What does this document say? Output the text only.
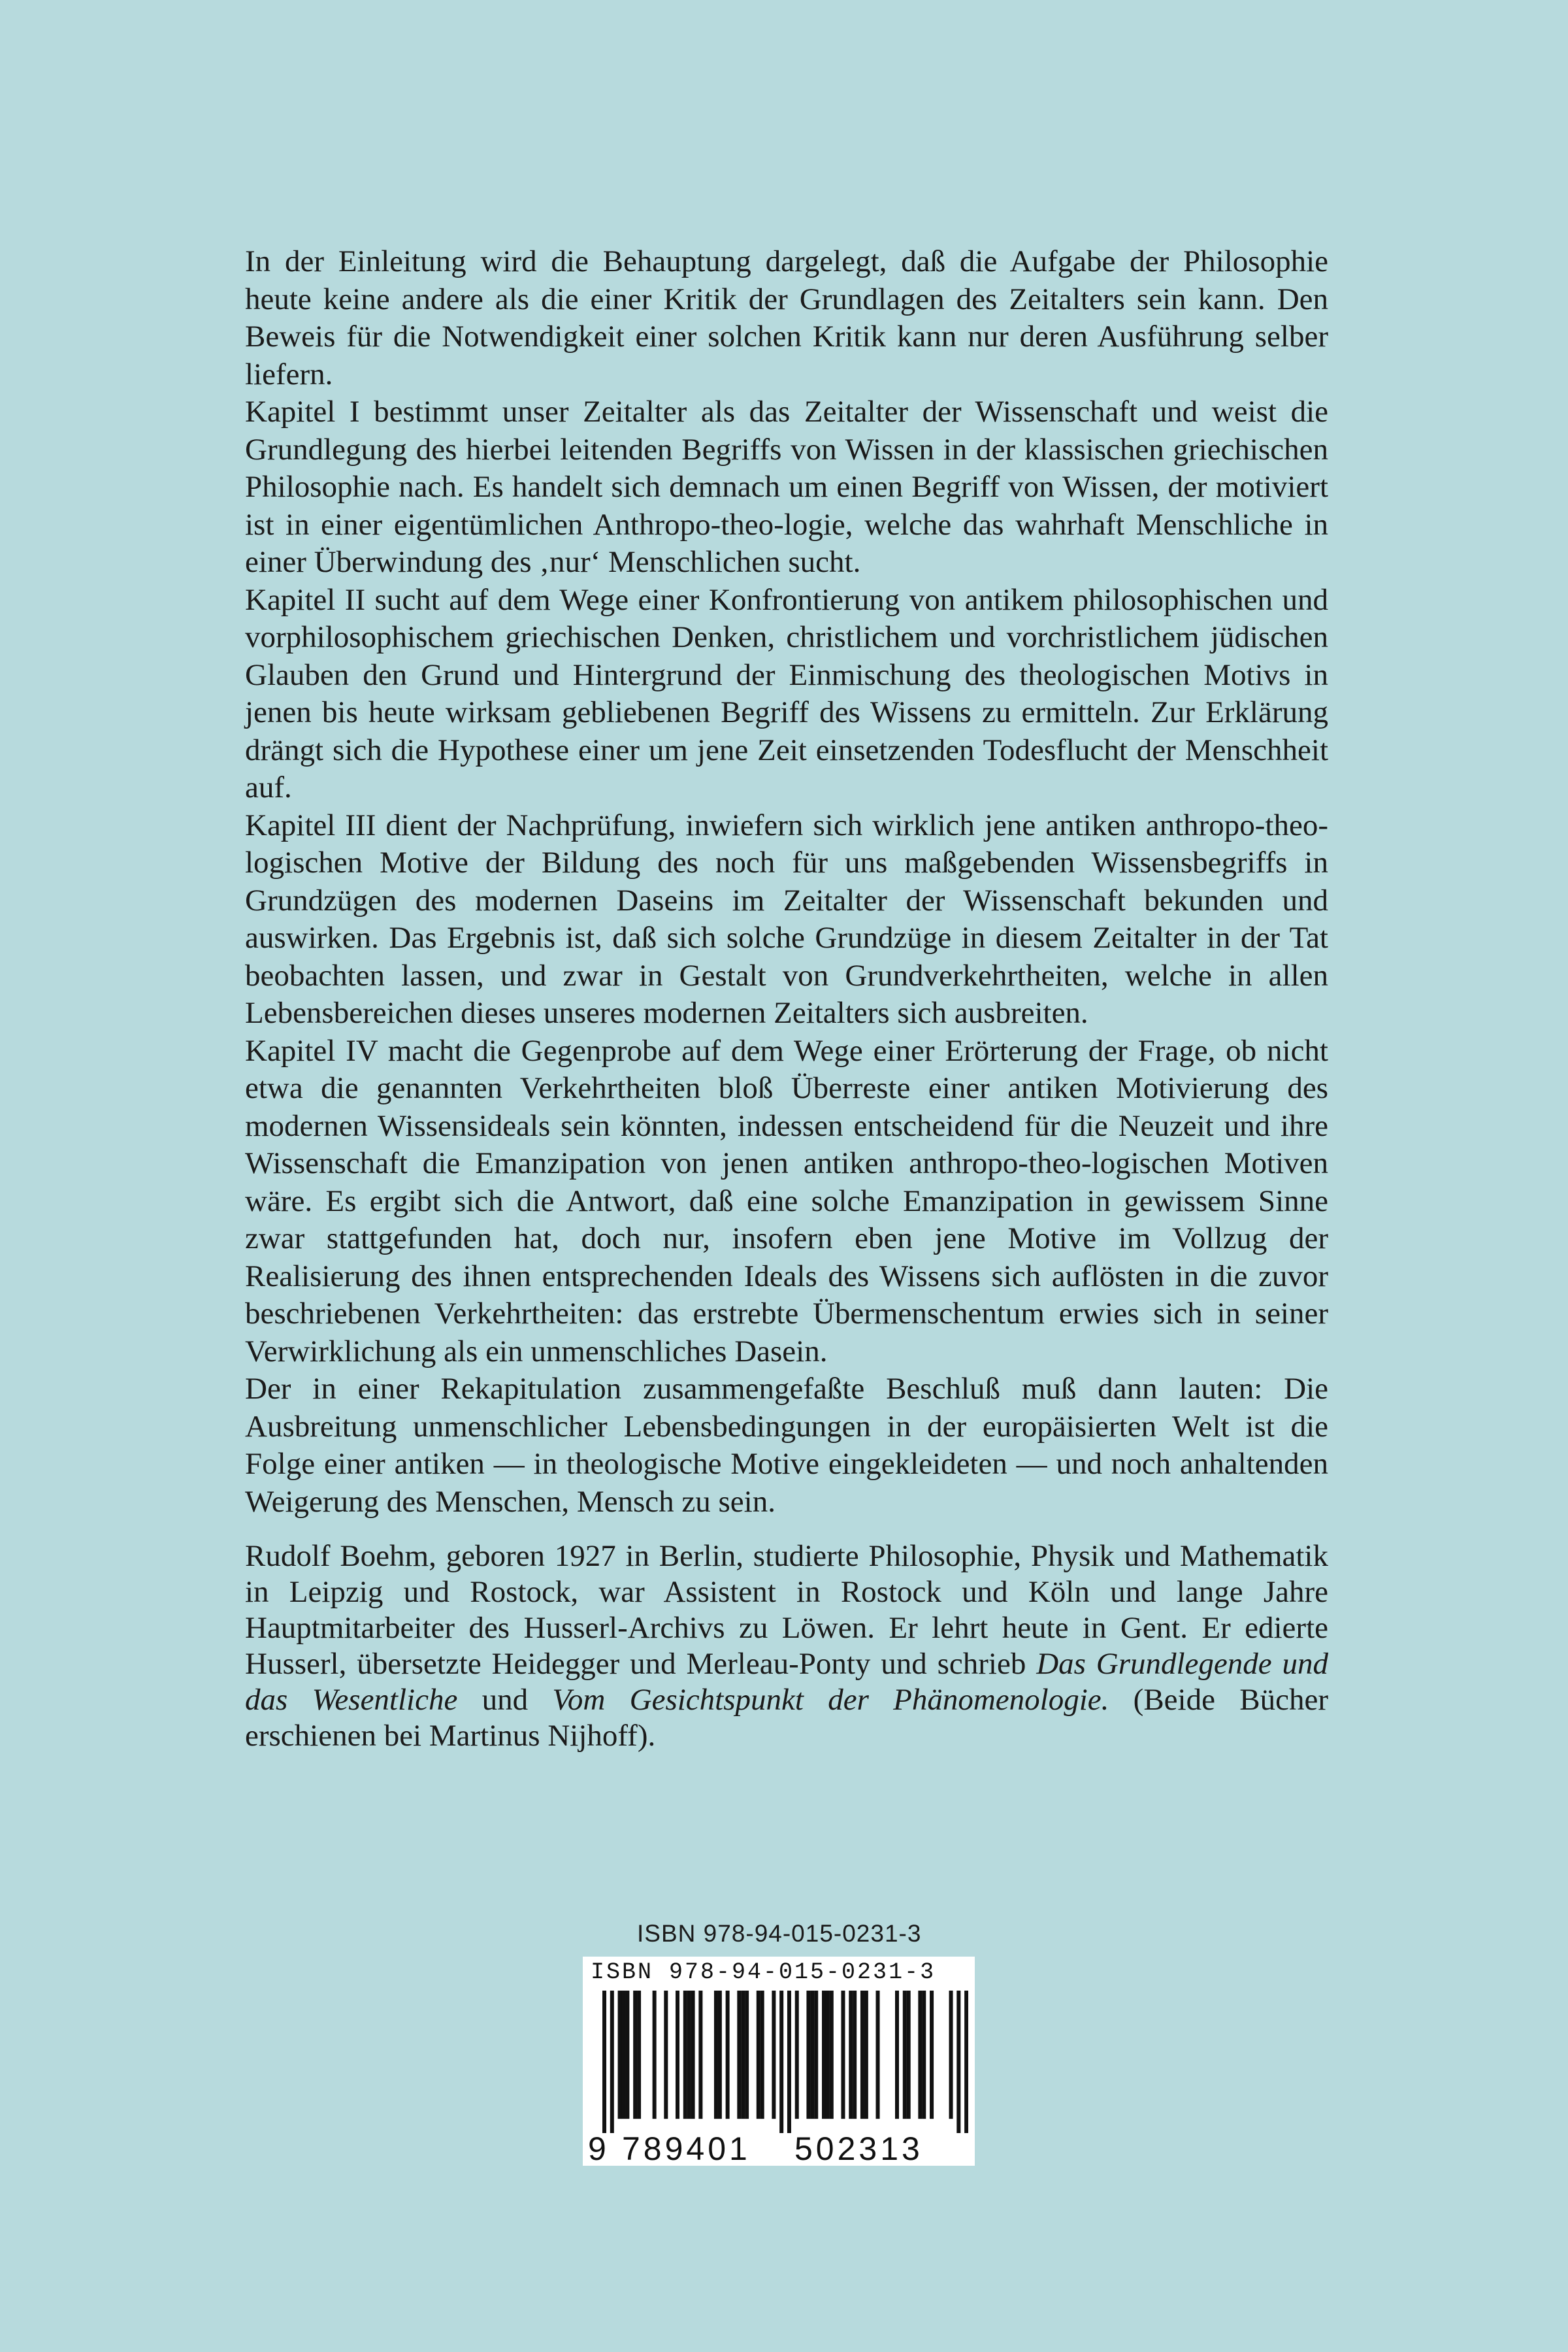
In der Einleitung wird die Behauptung dargelegt, daß die Aufgabe der Philosophie heute keine andere als die einer Kritik der Grundlagen des Zeitalters sein kann. Den Beweis für die Notwendigkeit einer solchen Kritik kann nur deren Ausführung selber liefern.

Kapitel I bestimmt unser Zeitalter als das Zeitalter der Wissenschaft und weist die Grundlegung des hierbei leitenden Begriffs von Wissen in der klassischen griechischen Philosophie nach. Es handelt sich demnach um einen Begriff von Wissen, der motiviert ist in einer eigentümlichen Anthropo-theo-logie, welche das wahrhaft Menschliche in einer Überwindung des ‚nur‘ Menschlichen sucht.

Kapitel II sucht auf dem Wege einer Konfrontierung von antikem philosophischen und vorphilosophischem griechischen Denken, christlichem und vorchristlichem jüdischen Glauben den Grund und Hintergrund der Einmischung des theologischen Motivs in jenen bis heute wirksam gebliebenen Begriff des Wissens zu ermitteln. Zur Erklärung drängt sich die Hypothese einer um jene Zeit einsetzenden Todesflucht der Menschheit auf.

Kapitel III dient der Nachprüfung, inwiefern sich wirklich jene antiken anthropo-theo-logischen Motive der Bildung des noch für uns maßgebenden Wissensbegriffs in Grundzügen des modernen Daseins im Zeitalter der Wissenschaft bekunden und auswirken. Das Ergebnis ist, daß sich solche Grundzüge in diesem Zeitalter in der Tat beobachten lassen, und zwar in Gestalt von Grundverkehrtheiten, welche in allen Lebensbereichen dieses unseres modernen Zeitalters sich ausbreiten.

Kapitel IV macht die Gegenprobe auf dem Wege einer Erörterung der Frage, ob nicht etwa die genannten Verkehrtheiten bloß Überreste einer antiken Motivierung des modernen Wissensideals sein könnten, indessen entscheidend für die Neuzeit und ihre Wissenschaft die Emanzipation von jenen antiken anthropo-theo-logischen Motiven wäre. Es ergibt sich die Antwort, daß eine solche Emanzipation in gewissem Sinne zwar stattgefunden hat, doch nur, insofern eben jene Motive im Vollzug der Realisierung des ihnen entsprechenden Ideals des Wissens sich auflösten in die zuvor beschriebenen Verkehrtheiten: das erstrebte Übermenschentum erwies sich in seiner Verwirklichung als ein unmenschliches Dasein.

Der in einer Rekapitulation zusammengefaßte Beschluß muß dann lauten: Die Ausbreitung unmenschlicher Lebensbedingungen in der europäisierten Welt ist die Folge einer antiken — in theologische Motive eingekleideten — und noch anhaltenden Weigerung des Menschen, Mensch zu sein.

Rudolf Boehm, geboren 1927 in Berlin, studierte Philosophie, Physik und Mathematik in Leipzig und Rostock, war Assistent in Rostock und Köln und lange Jahre Hauptmitarbeiter des Husserl-Archivs zu Löwen. Er lehrt heute in Gent. Er edierte Husserl, übersetzte Heidegger und Merleau-Ponty und schrieb Das Grundlegende und das Wesentliche und Vom Gesichtspunkt der Phänomenologie. (Beide Bücher erschienen bei Martinus Nijhoff).

ISBN 978-94-015-0231-3
ISBN 978-94-015-0231-3
9 789401 502313
